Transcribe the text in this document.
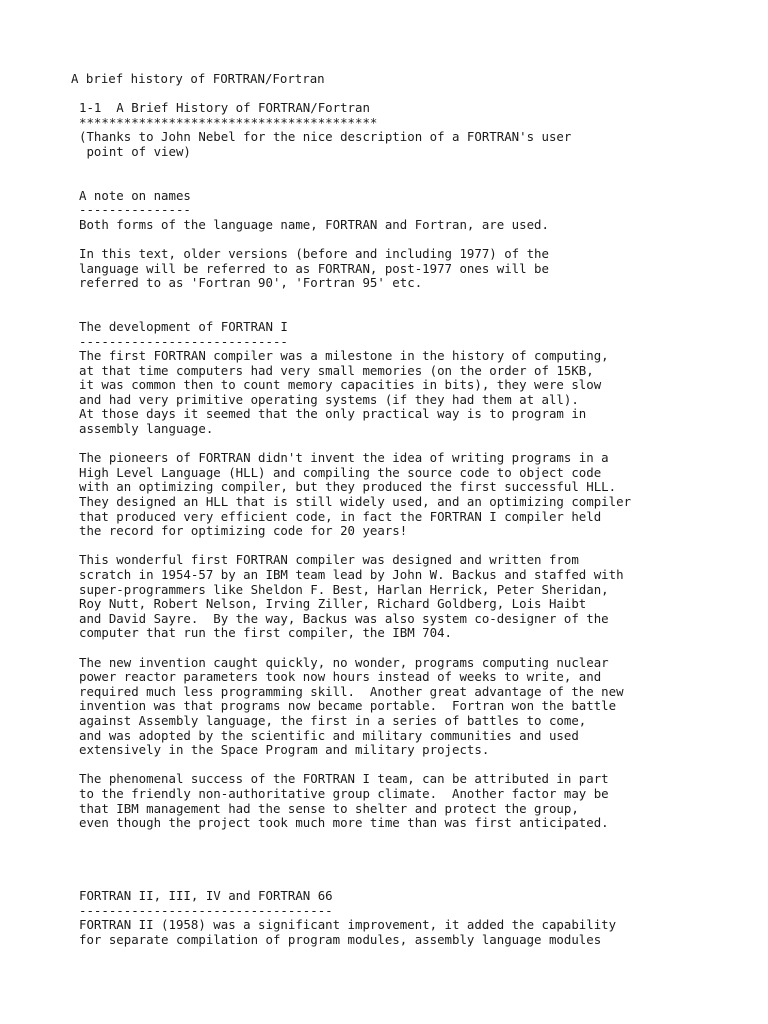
A brief history of FORTRAN/Fortran
1-1  A Brief History of FORTRAN/Fortran
****************************************
(Thanks to John Nebel for the nice description of a FORTRAN's user
point of view)
A note on names
---------------
Both forms of the language name, FORTRAN and Fortran, are used.
In this text, older versions (before and including 1977) of the
language will be referred to as FORTRAN, post-1977 ones will be
referred to as 'Fortran 90', 'Fortran 95' etc.
The development of FORTRAN I
----------------------------
The first FORTRAN compiler was a milestone in the history of computing,
at that time computers had very small memories (on the order of 15KB,
it was common then to count memory capacities in bits), they were slow
and had very primitive operating systems (if they had them at all).
At those days it seemed that the only practical way is to program in
assembly language.
The pioneers of FORTRAN didn't invent the idea of writing programs in a
High Level Language (HLL) and compiling the source code to object code
with an optimizing compiler, but they produced the first successful HLL.
They designed an HLL that is still widely used, and an optimizing compiler
that produced very efficient code, in fact the FORTRAN I compiler held
the record for optimizing code for 20 years!
This wonderful first FORTRAN compiler was designed and written from
scratch in 1954-57 by an IBM team lead by John W. Backus and staffed with
super-programmers like Sheldon F. Best, Harlan Herrick, Peter Sheridan,
Roy Nutt, Robert Nelson, Irving Ziller, Richard Goldberg, Lois Haibt
and David Sayre.  By the way, Backus was also system co-designer of the
computer that run the first compiler, the IBM 704.
The new invention caught quickly, no wonder, programs computing nuclear
power reactor parameters took now hours instead of weeks to write, and
required much less programming skill.  Another great advantage of the new
invention was that programs now became portable.  Fortran won the battle
against Assembly language, the first in a series of battles to come,
and was adopted by the scientific and military communities and used
extensively in the Space Program and military projects.
The phenomenal success of the FORTRAN I team, can be attributed in part
to the friendly non-authoritative group climate.  Another factor may be
that IBM management had the sense to shelter and protect the group,
even though the project took much more time than was first anticipated.
FORTRAN II, III, IV and FORTRAN 66
----------------------------------
FORTRAN II (1958) was a significant improvement, it added the capability
for separate compilation of program modules, assembly language modules
